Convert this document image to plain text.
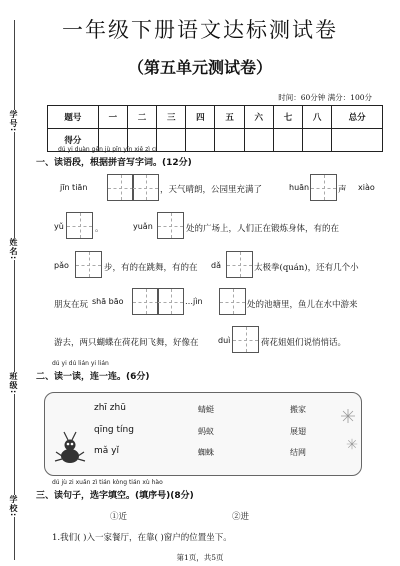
学号:
姓名:
班级:
学校:
一年级下册语文达标测试卷
（第五单元测试卷）
时间：60分钟 满分：100分
题号	一	二	三	四	五	六	七	八	总分
得分									
dú yi duàn gěn jù pīn yīn xiě zì cí
一、读语段，根据拼音写字词。(12分)
jīn tiān	，天气晴朗，公园里充满了	huān	声 xiào
yǔ	。	yuǎn	处的广场上，人们正在锻炼身体，有的在
pǎo	步，有的在跳舞，有的在 dǎ	太极拳(quán)，还有几个小
朋友在玩 shā bāo	…jìn	处的池塘里，鱼儿在水中游来
游去，两只蝴蝶在荷花间飞舞，好像在 duì	荷花姐姐们说悄悄话。
dú yi dú lián yi lián
二、读一读，连一连。(6分)
zhī zhū
qīng tíng
mǎ yǐ
蜻蜓
蚂蚁
蜘蛛
搬家
展翅
结网
dú jù zi xuǎn zì tián kòng tián xù hào
三、读句子，选字填空。(填序号)(8分)
①近	②进
1.我们( )入一家餐厅，在靠( )窗户的位置坐下。
第1页，共5页
